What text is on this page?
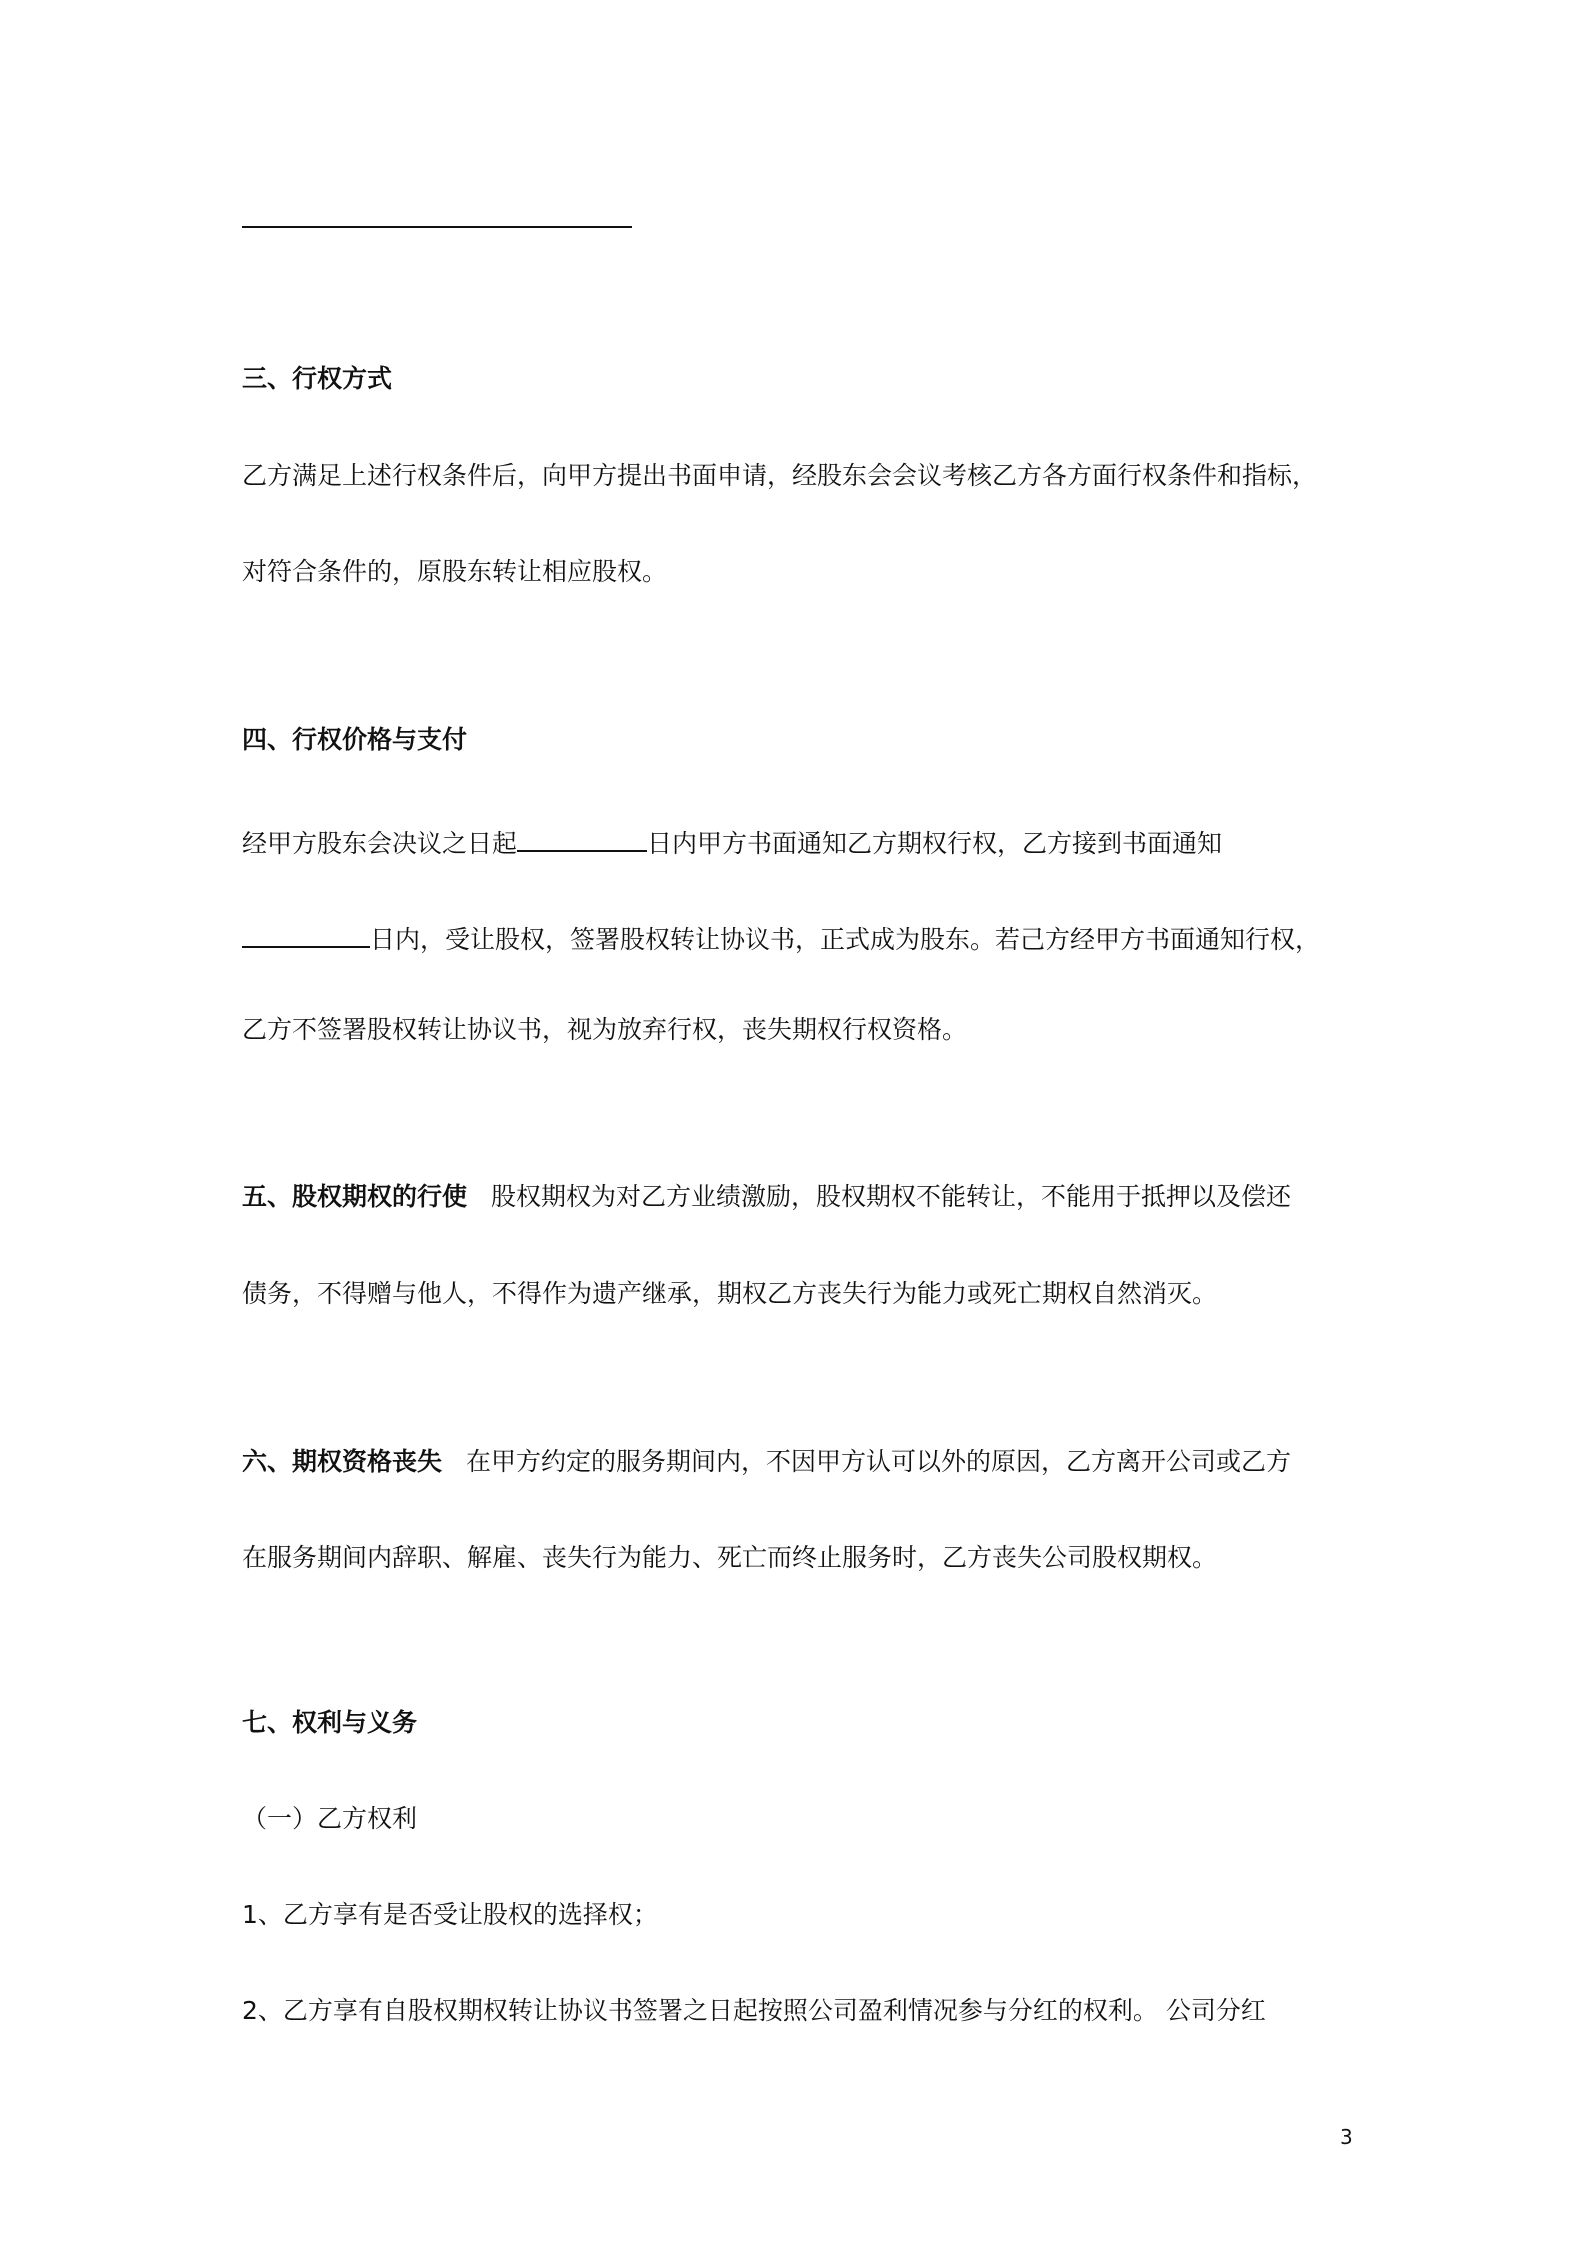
三、行权方式
乙方满足上述行权条件后，向甲方提出书面申请，经股东会会议考核乙方各方面行权条件和指标，
对符合条件的，原股东转让相应股权。
四、行权价格与支付
经甲方股东会决议之日起	日内甲方书面通知乙方期权行权，乙方接到书面通知
日内，受让股权，签署股权转让协议书，正式成为股东。若己方经甲方书面通知行权，
乙方不签署股权转让协议书，视为放弃行权，丧失期权行权资格。
五、股权期权的行使 股权期权为对乙方业绩激励，股权期权不能转让，不能用于抵押以及偿还
债务，不得赠与他人，不得作为遗产继承，期权乙方丧失行为能力或死亡期权自然消灭。
六、期权资格丧失 在甲方约定的服务期间内，不因甲方认可以外的原因，乙方离开公司或乙方
在服务期间内辞职、解雇、丧失行为能力、死亡而终止服务时，乙方丧失公司股权期权。
七、权利与义务
（一）乙方权利
1、乙方享有是否受让股权的选择权；
2、乙方享有自股权期权转让协议书签署之日起按照公司盈利情况参与分红的权利。 公司分红
3
